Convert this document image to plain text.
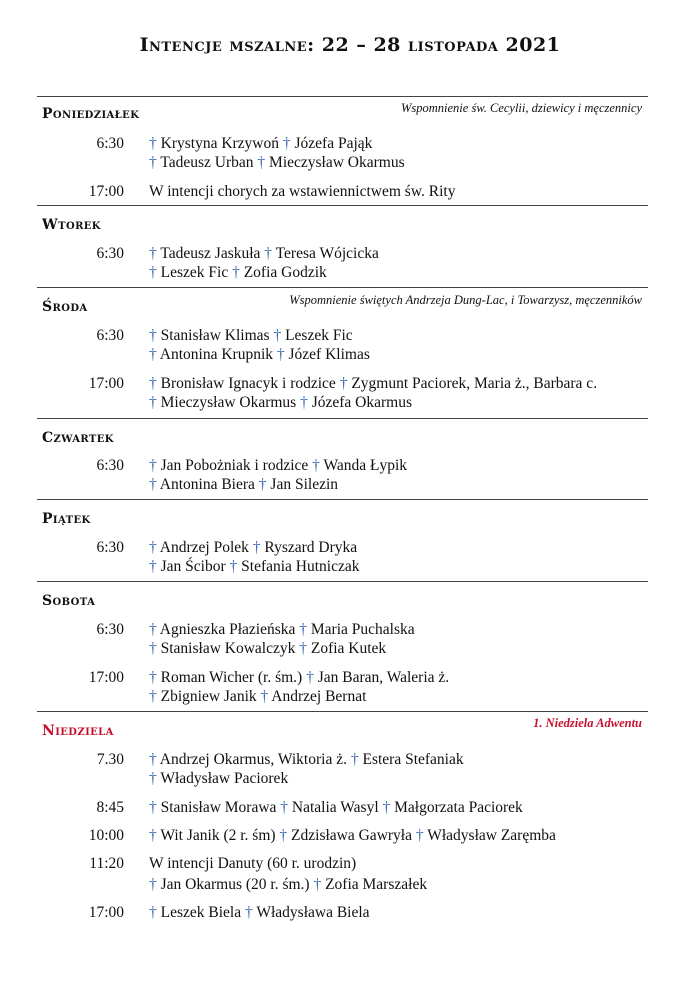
Intencje mszalne: 22 – 28 listopada 2021
Poniedziałek	Wspomnienie św. Cecylii, dziewicy i męczennicy
6:30 † Krystyna Krzywoń † Józefa Pająk
† Tadeusz Urban † Mieczysław Okarmus
17:00 W intencji chorych za wstawiennictwem św. Rity
Wtorek
6:30 † Tadeusz Jaskuła † Teresa Wójcicka
† Leszek Fic † Zofia Godzik
Środa	Wspomnienie świętych Andrzeja Dung-Lac, i Towarzysz, męczenników
6:30 † Stanisław Klimas † Leszek Fic
† Antonina Krupnik † Józef Klimas
17:00 † Bronisław Ignacyk i rodzice † Zygmunt Paciorek, Maria ż., Barbara c.
† Mieczysław Okarmus † Józefa Okarmus
Czwartek
6:30 † Jan Pobożniak i rodzice † Wanda Łypik
† Antonina Biera † Jan Silezin
Piątek
6:30 † Andrzej Polek † Ryszard Dryka
† Jan Ścibor † Stefania Hutniczak
Sobota
6:30 † Agnieszka Płazieńska † Maria Puchalska
† Stanisław Kowalczyk † Zofia Kutek
17:00 † Roman Wicher (r. śm.) † Jan Baran, Waleria ż.
† Zbigniew Janik † Andrzej Bernat
Niedziela	1. Niedziela Adwentu
7.30 † Andrzej Okarmus, Wiktoria ż. † Estera Stefaniak
† Władysław Paciorek
8:45 † Stanisław Morawa † Natalia Wasyl † Małgorzata Paciorek
10:00 † Wit Janik (2 r. śm) † Zdzisława Gawryła † Władysław Zaręmba
11:20 W intencji Danuty (60 r. urodzin)
† Jan Okarmus (20 r. śm.) † Zofia Marszałek
17:00 † Leszek Biela † Władysława Biela
